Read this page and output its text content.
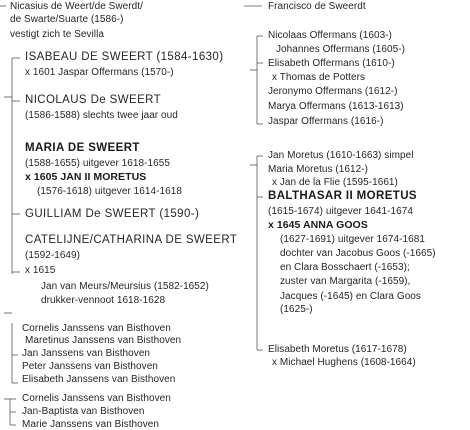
Nicasius de Weert/de Swerdt/
de Swarte/Suarte (1586-)
vestigt zich te Sevilla
ISABEAU DE SWEERT (1584-1630)
x 1601 Jaspar Offermans (1570-)
NICOLAUS De SWEERT
(1586-1588) slechts twee jaar oud
MARIA DE SWEERT
(1588-1655) uitgever 1618-1655
x 1605 JAN II MORETUS
(1576-1618) uitgever 1614-1618
GUILLIAM De SWEERT (1590-)
CATELIJNE/CATHARINA DE SWEERT
(1592-1649)
x 1615
Jan van Meurs/Meursius (1582-1652)
drukker-vennoot 1618-1628
Cornelis Janssens van Bisthoven
Maretinus Janssens van Bisthoven
Jan Janssens van Bisthoven
Peter Janssens van Bisthoven
Elisabeth Janssens van Bisthoven
Cornelis Janssens van Bisthoven
Jan-Baptista van Bisthoven
Marie Janssens van Bisthoven
Francisco de Sweerdt
Nicolaas Offermans (1603-)
Johannes Offermans (1605-)
Elisabeth Offermans (1610-)
x Thomas de Potters
Jeronymo Offermans (1612-)
Marya Offermans (1613-1613)
Jaspar Offermans (1616-)
Jan Moretus (1610-1663) simpel
Maria Moretus (1612-)
x Jan de la Flie (1595-1661)
BALTHASAR II MORETUS
(1615-1674) uitgever 1641-1674
x 1645 ANNA GOOS
(1627-1691) uitgever 1674-1681
dochter van Jacobus Goos (-1665)
en Clara Bosschaert (-1653);
zuster van Margarita (-1659),
Jacques (-1645) en Clara Goos
(1625-)
Elisabeth Moretus (1617-1678)
x Michael Hughens (1608-1664)
